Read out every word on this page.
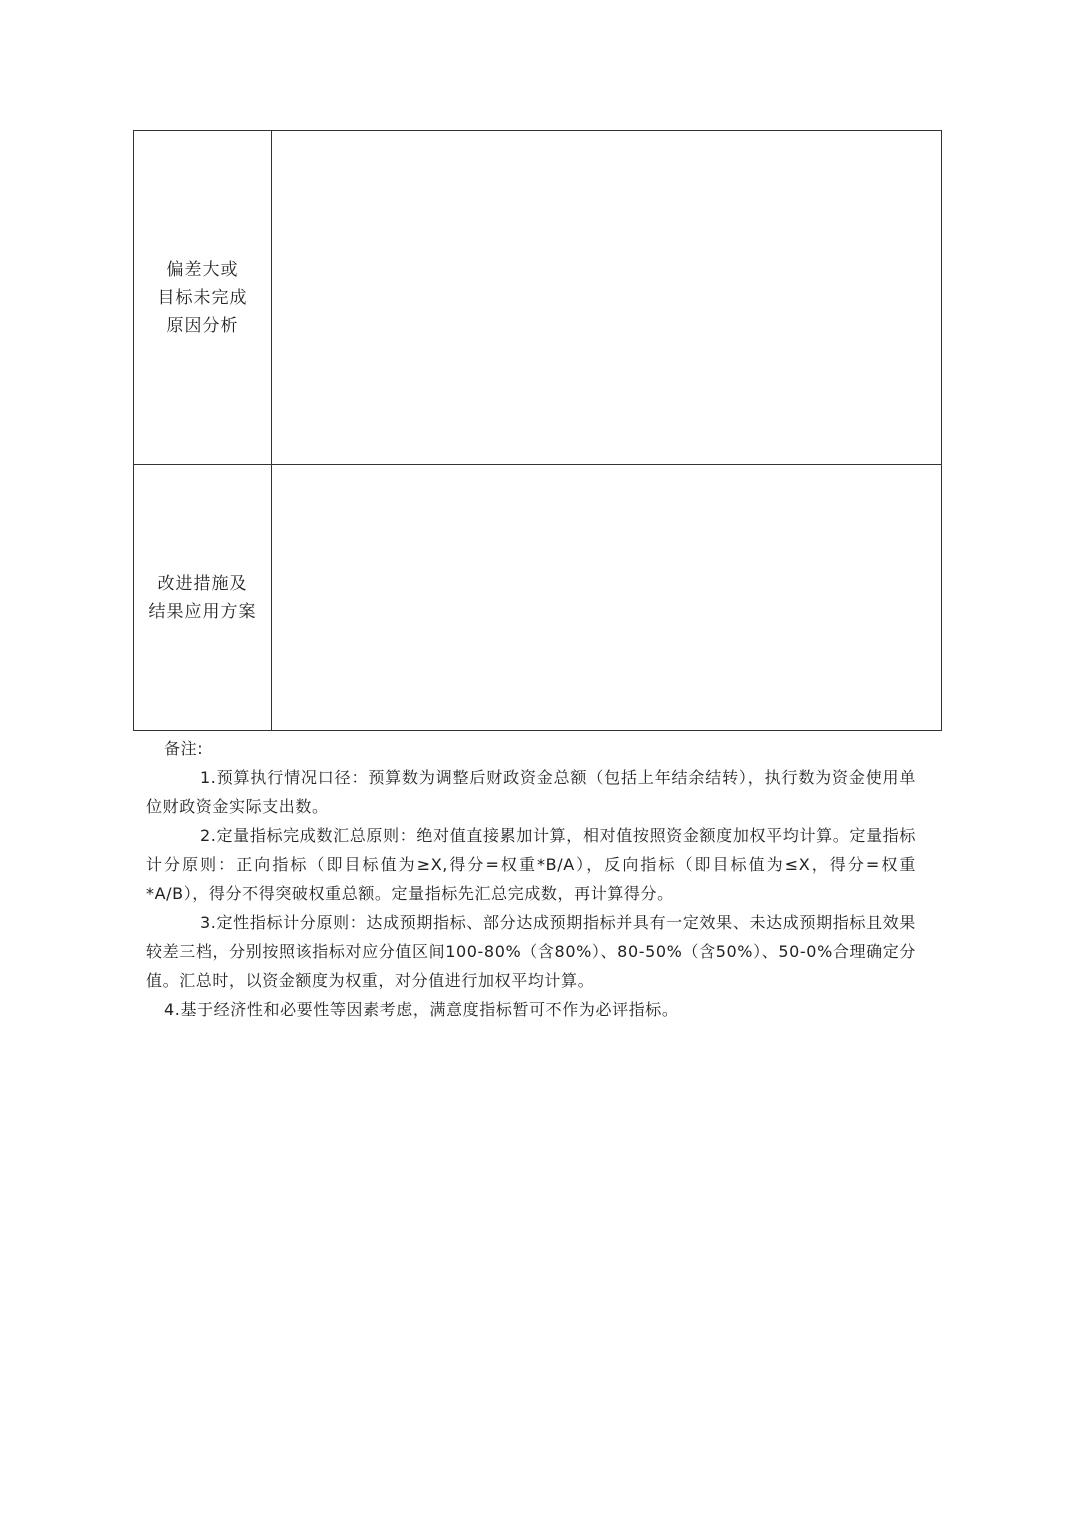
偏差大或
目标未完成
原因分析	

改进措施及
结果应用方案	

备注:
1.预算执行情况口径：预算数为调整后财政资金总额（包括上年结余结转），执行数为资金使用单位财政资金实际支出数。
2.定量指标完成数汇总原则：绝对值直接累加计算，相对值按照资金额度加权平均计算。定量指标计分原则：正向指标（即目标值为≥X,得分=权重*B/A），反向指标（即目标值为≤X，得分=权重*A/B），得分不得突破权重总额。定量指标先汇总完成数，再计算得分。
3.定性指标计分原则：达成预期指标、部分达成预期指标并具有一定效果、未达成预期指标且效果较差三档，分别按照该指标对应分值区间100-80%（含80%）、80-50%（含50%）、50-0%合理确定分值。汇总时，以资金额度为权重，对分值进行加权平均计算。
4.基于经济性和必要性等因素考虑，满意度指标暂可不作为必评指标。
